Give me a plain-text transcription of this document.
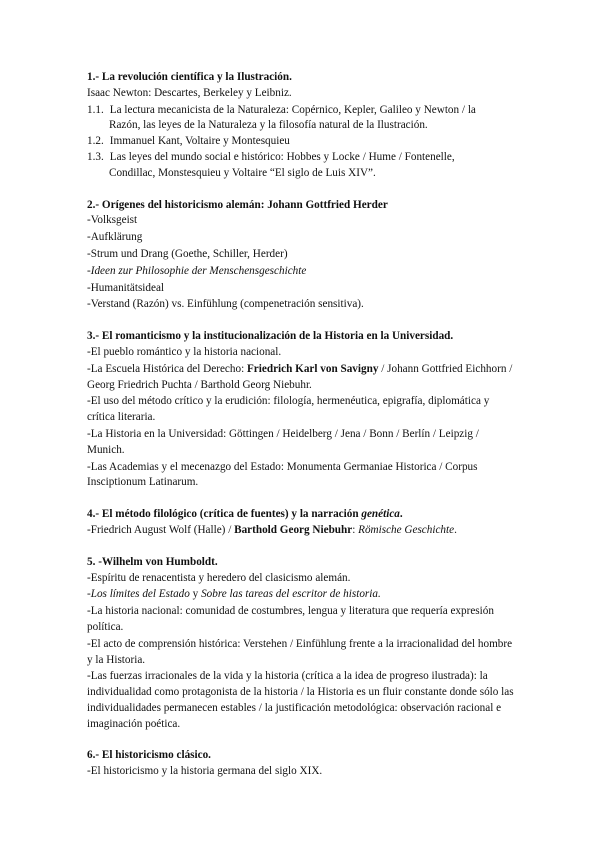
1.- La revolución científica y la Ilustración.

Isaac Newton: Descartes, Berkeley y Leibniz.

1.1. La lectura mecanicista de la Naturaleza: Copérnico, Kepler, Galileo y Newton / la

Razón, las leyes de la Naturaleza y la filosofía natural de la Ilustración.

1.2. Immanuel Kant, Voltaire y Montesquieu

1.3. Las leyes del mundo social e histórico: Hobbes y Locke / Hume / Fontenelle,

Condillac, Monstesquieu y Voltaire “El siglo de Luis XIV”.

2.- Orígenes del historicismo alemán: Johann Gottfried Herder

-Volksgeist

-Aufklärung

-Strum und Drang (Goethe, Schiller, Herder)

-Ideen zur Philosophie der Menschensgeschichte

-Humanitätsideal

-Verstand (Razón) vs. Einfühlung (compenetración sensitiva).

3.- El romanticismo y la institucionalización de la Historia en la Universidad.

-El pueblo romántico y la historia nacional.

-La Escuela Histórica del Derecho: Friedrich Karl von Savigny / Johann Gottfried Eichhorn / Georg Friedrich Puchta / Barthold Georg Niebuhr.

-El uso del método crítico y la erudición: filología, hermenéutica, epigrafía, diplomática y crítica literaria.

-La Historia en la Universidad: Göttingen / Heidelberg / Jena / Bonn / Berlín / Leipzig / Munich.

-Las Academias y el mecenazgo del Estado: Monumenta Germaniae Historica / Corpus Insciptionum Latinarum.

4.- El método filológico (crítica de fuentes) y la narración genética.

-Friedrich August Wolf (Halle) / Barthold Georg Niebuhr: Römische Geschichte.

5. -Wilhelm von Humboldt.

-Espíritu de renacentista y heredero del clasicismo alemán.

-Los límites del Estado y Sobre las tareas del escritor de historia.

-La historia nacional: comunidad de costumbres, lengua y literatura que requería expresión política.

-El acto de comprensión histórica: Verstehen / Einfühlung frente a la irracionalidad del hombre y la Historia.

-Las fuerzas irracionales de la vida y la historia (crítica a la idea de progreso ilustrada): la individualidad como protagonista de la historia / la Historia es un fluir constante donde sólo las individualidades permanecen estables / la justificación metodológica: observación racional e imaginación poética.

6.- El historicismo clásico.

-El historicismo y la historia germana del siglo XIX.
